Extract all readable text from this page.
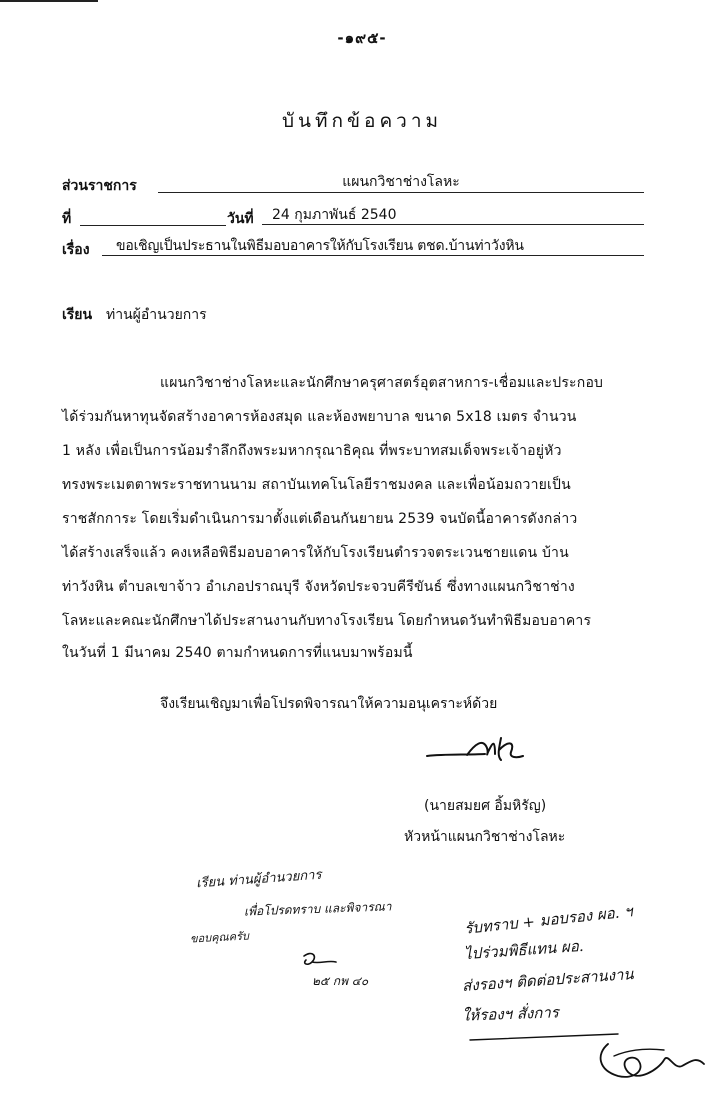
-๑๙๕-
บันทึกข้อความ
ส่วนราชการ	แผนกวิชาช่างโลหะ
ที่	วันที่	24 กุมภาพันธ์ 2540
เรื่อง	ขอเชิญเป็นประธานในพิธีมอบอาคารให้กับโรงเรียน ตชด.บ้านท่าวังหิน
เรียน ท่านผู้อำนวยการ
แผนกวิชาช่างโลหะและนักศึกษาครุศาสตร์อุตสาหการ-เชื่อมและประกอบ
ได้ร่วมกันหาทุนจัดสร้างอาคารห้องสมุด และห้องพยาบาล ขนาด 5x18 เมตร จำนวน
1 หลัง เพื่อเป็นการน้อมรำลึกถึงพระมหากรุณาธิคุณ ที่พระบาทสมเด็จพระเจ้าอยู่หัว
ทรงพระเมตตาพระราชทานนาม สถาบันเทคโนโลยีราชมงคล และเพื่อน้อมถวายเป็น
ราชสักการะ โดยเริ่มดำเนินการมาตั้งแต่เดือนกันยายน 2539 จนบัดนี้อาคารดังกล่าว
ได้สร้างเสร็จแล้ว คงเหลือพิธีมอบอาคารให้กับโรงเรียนตำรวจตระเวนชายแดน บ้าน
ท่าวังหิน ตำบลเขาจ้าว อำเภอปราณบุรี จังหวัดประจวบคีรีขันธ์ ซึ่งทางแผนกวิชาช่าง
โลหะและคณะนักศึกษาได้ประสานงานกับทางโรงเรียน โดยกำหนดวันทำพิธีมอบอาคาร
ในวันที่ 1 มีนาคม 2540 ตามกำหนดการที่แนบมาพร้อมนี้
จึงเรียนเชิญมาเพื่อโปรดพิจารณาให้ความอนุเคราะห์ด้วย
(นายสมยศ อิ้มหิรัญ)
หัวหน้าแผนกวิชาช่างโลหะ
เรียน ท่านผู้อำนวยการ
เพื่อโปรดทราบ และพิจารณา
ขอบคุณครับ
๒๕ กพ ๔๐
รับทราบ + มอบรอง ผอ. ฯ
ไปร่วมพิธีแทน ผอ.
ส่งรองฯ ติดต่อประสานงาน
ให้รองฯ สั่งการ
